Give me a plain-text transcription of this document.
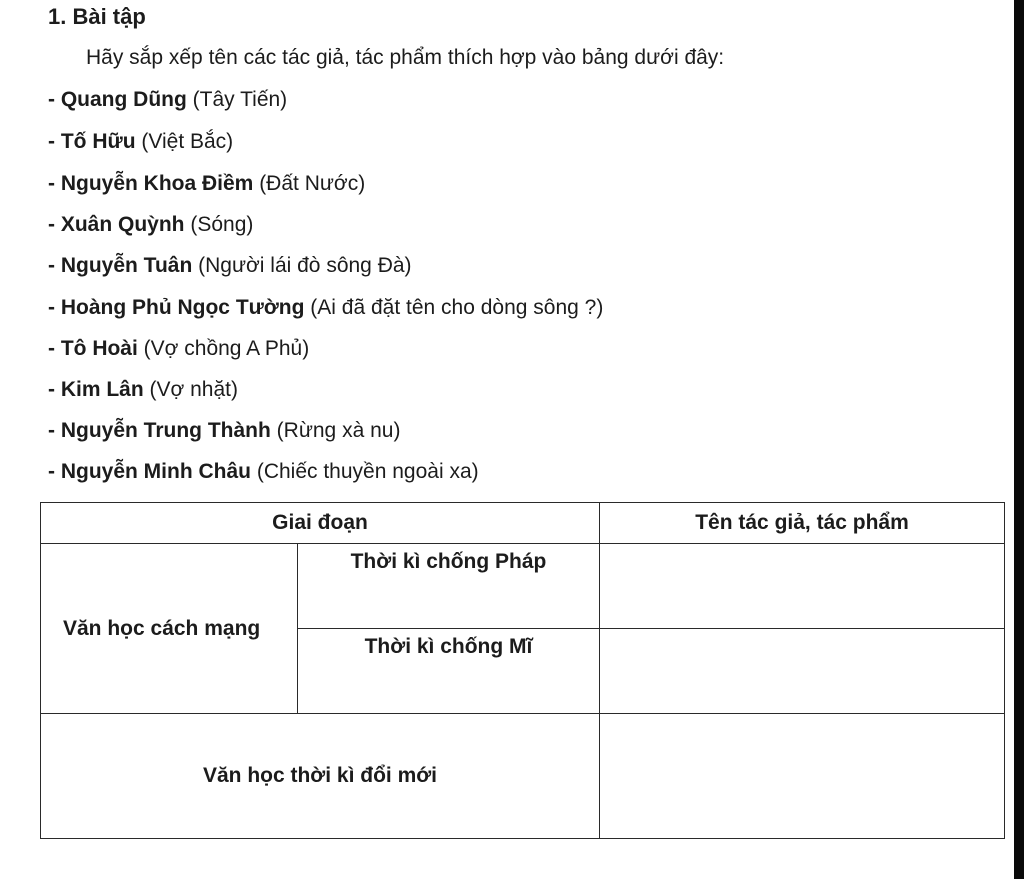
1. Bài tập
Hãy sắp xếp tên các tác giả, tác phẩm thích hợp vào bảng dưới đây:
- Quang Dũng (Tây Tiến)
- Tố Hữu (Việt Bắc)
- Nguyễn Khoa Điềm (Đất Nước)
- Xuân Quỳnh (Sóng)
- Nguyễn Tuân (Người lái đò sông Đà)
- Hoàng Phủ Ngọc Tường (Ai đã đặt tên cho dòng sông ?)
- Tô Hoài (Vợ chồng A Phủ)
- Kim Lân (Vợ nhặt)
- Nguyễn Trung Thành (Rừng xà nu)
- Nguyễn Minh Châu (Chiếc thuyền ngoài xa)
Giai đoạn		Tên tác giả, tác phẩm
Văn học cách mạng	Thời kì chống Pháp	
	Thời kì chống Mĩ	
Văn học thời kì đổi mới		
